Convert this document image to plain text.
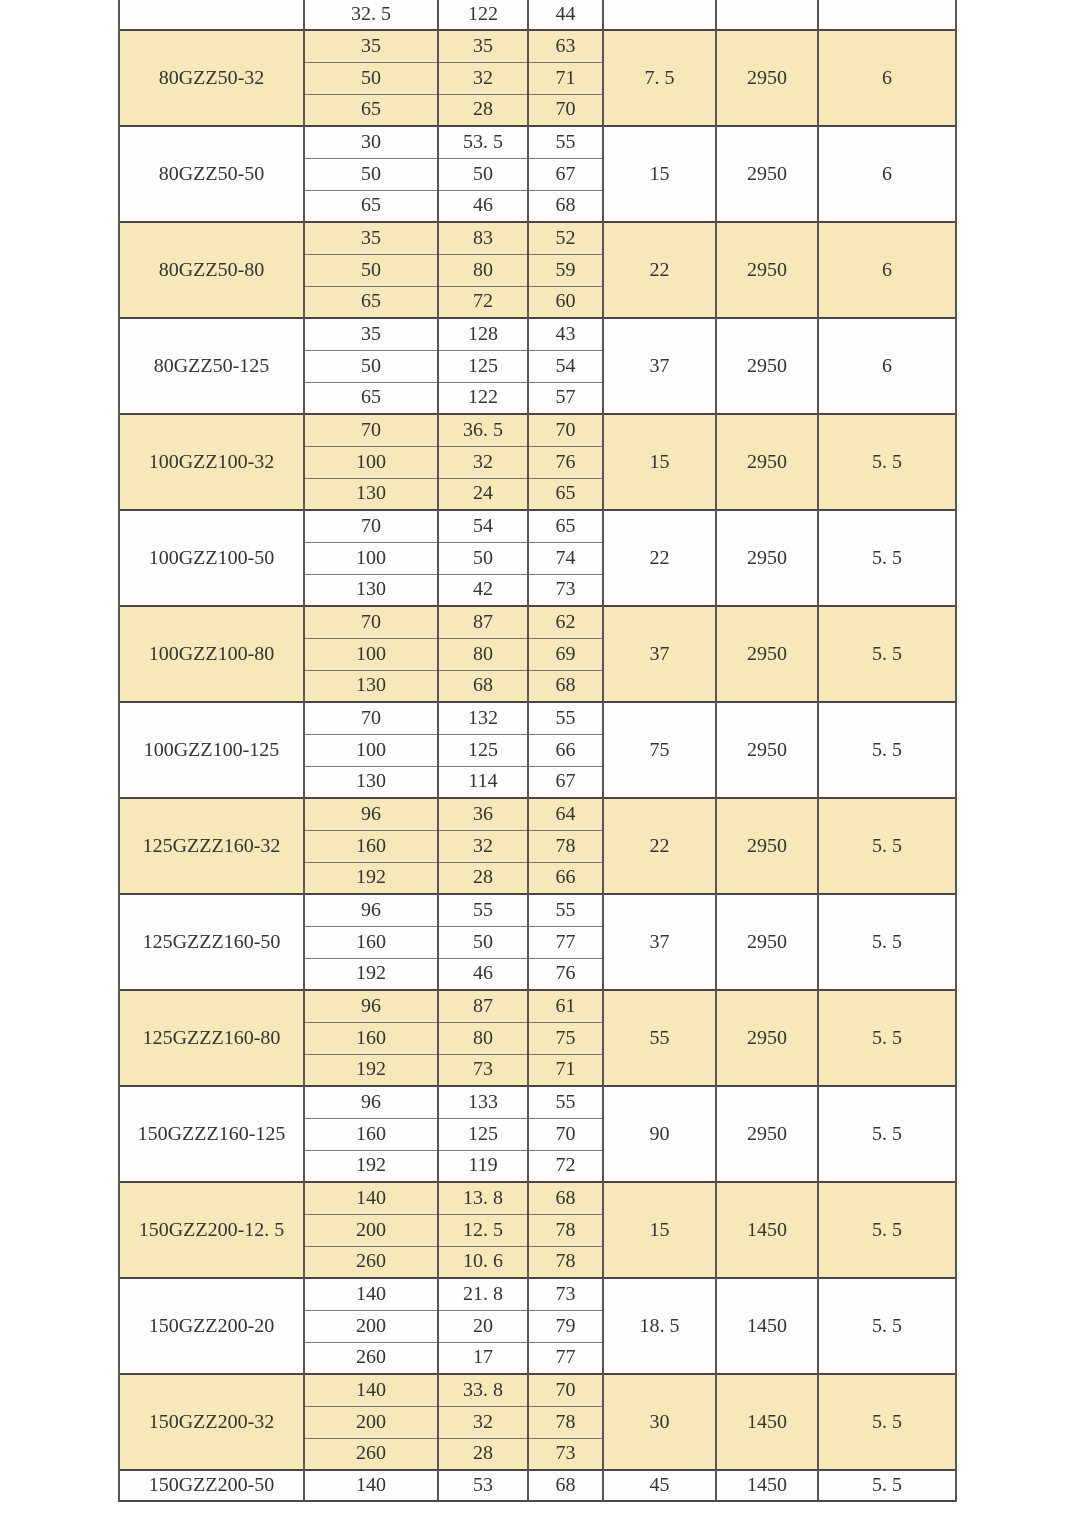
	32. 5	122	44			
80GZZ50-32	35	35	63	7. 5	2950	6
	50	32	71			
	65	28	70			
80GZZ50-50	30	53. 5	55	15	2950	6
	50	50	67			
	65	46	68			
80GZZ50-80	35	83	52	22	2950	6
	50	80	59			
	65	72	60			
80GZZ50-125	35	128	43	37	2950	6
	50	125	54			
	65	122	57			
100GZZ100-32	70	36. 5	70	15	2950	5. 5
	100	32	76			
	130	24	65			
100GZZ100-50	70	54	65	22	2950	5. 5
	100	50	74			
	130	42	73			
100GZZ100-80	70	87	62	37	2950	5. 5
	100	80	69			
	130	68	68			
100GZZ100-125	70	132	55	75	2950	5. 5
	100	125	66			
	130	114	67			
125GZZZ160-32	96	36	64	22	2950	5. 5
	160	32	78			
	192	28	66			
125GZZZ160-50	96	55	55	37	2950	5. 5
	160	50	77			
	192	46	76			
125GZZZ160-80	96	87	61	55	2950	5. 5
	160	80	75			
	192	73	71			
150GZZZ160-125	96	133	55	90	2950	5. 5
	160	125	70			
	192	119	72			
150GZZ200-12. 5	140	13. 8	68	15	1450	5. 5
	200	12. 5	78			
	260	10. 6	78			
150GZZ200-20	140	21. 8	73	18. 5	1450	5. 5
	200	20	79			
	260	17	77			
150GZZ200-32	140	33. 8	70	30	1450	5. 5
	200	32	78			
	260	28	73			
150GZZ200-50	140	53	68	45	1450	5. 5
